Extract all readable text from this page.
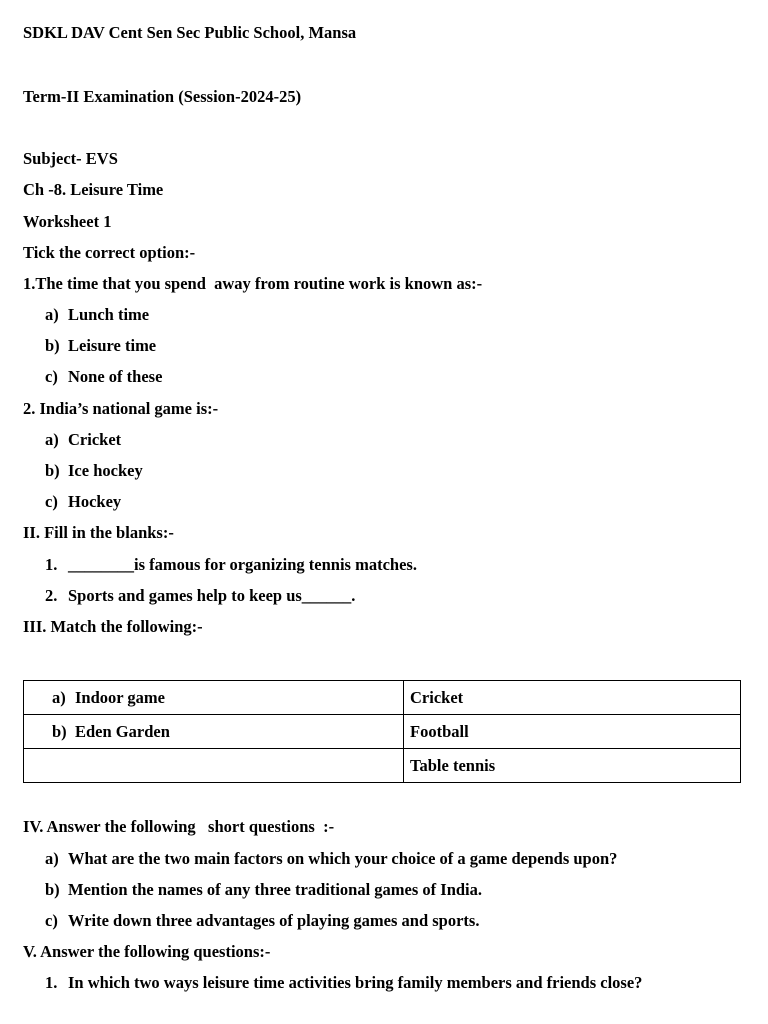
SDKL DAV Cent Sen Sec Public School, Mansa
Term-II Examination (Session-2024-25)
Subject- EVS
Ch -8. Leisure Time
Worksheet 1
Tick the correct option:-
1.The time that you spend  away from routine work is known as:-
a) Lunch time
b) Leisure time
c) None of these
2. India’s national game is:-
a) Cricket
b) Ice hockey
c) Hockey
II. Fill in the blanks:-
1. ________is famous for organizing tennis matches.
2. Sports and games help to keep us______.
III. Match the following:-
a) Indoor game	Cricket
b) Eden Garden	Football
	Table tennis
IV. Answer the following   short questions  :-
a) What are the two main factors on which your choice of a game depends upon?
b) Mention the names of any three traditional games of India.
c) Write down three advantages of playing games and sports.
V. Answer the following questions:-
1. In which two ways leisure time activities bring family members and friends close?
